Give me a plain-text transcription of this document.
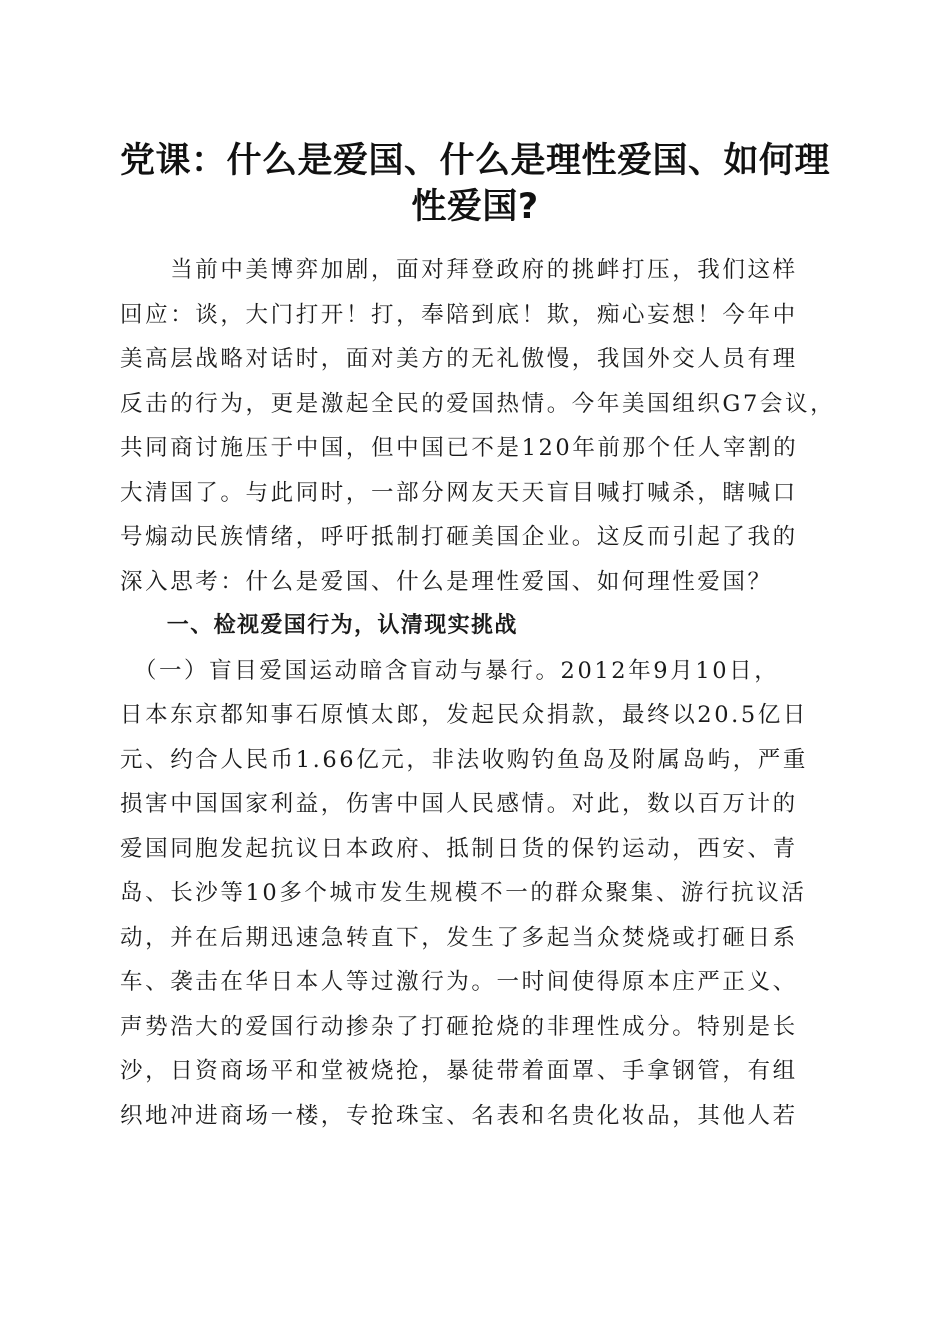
党课：什么是爱国、什么是理性爱国、如何理
性爱国?
　　当前中美博弈加剧，面对拜登政府的挑衅打压，我们这样
回应：谈，大门打开！打，奉陪到底！欺，痴心妄想！今年中
美高层战略对话时，面对美方的无礼傲慢，我国外交人员有理
反击的行为，更是激起全民的爱国热情。今年美国组织G7会议，
共同商讨施压于中国，但中国已不是120年前那个任人宰割的
大清国了。与此同时，一部分网友天天盲目喊打喊杀，瞎喊口
号煽动民族情绪，呼吁抵制打砸美国企业。这反而引起了我的
深入思考：什么是爱国、什么是理性爱国、如何理性爱国？
　　一、检视爱国行为，认清现实挑战
　（一）盲目爱国运动暗含盲动与暴行。2012年9月10日，
日本东京都知事石原慎太郎，发起民众捐款，最终以20.5亿日
元、约合人民币1.66亿元，非法收购钓鱼岛及附属岛屿，严重
损害中国国家利益，伤害中国人民感情。对此，数以百万计的
爱国同胞发起抗议日本政府、抵制日货的保钓运动，西安、青
岛、长沙等10多个城市发生规模不一的群众聚集、游行抗议活
动，并在后期迅速急转直下，发生了多起当众焚烧或打砸日系
车、袭击在华日本人等过激行为。一时间使得原本庄严正义、
声势浩大的爱国行动掺杂了打砸抢烧的非理性成分。特别是长
沙，日资商场平和堂被烧抢，暴徒带着面罩、手拿钢管，有组
织地冲进商场一楼，专抢珠宝、名表和名贵化妆品，其他人若
